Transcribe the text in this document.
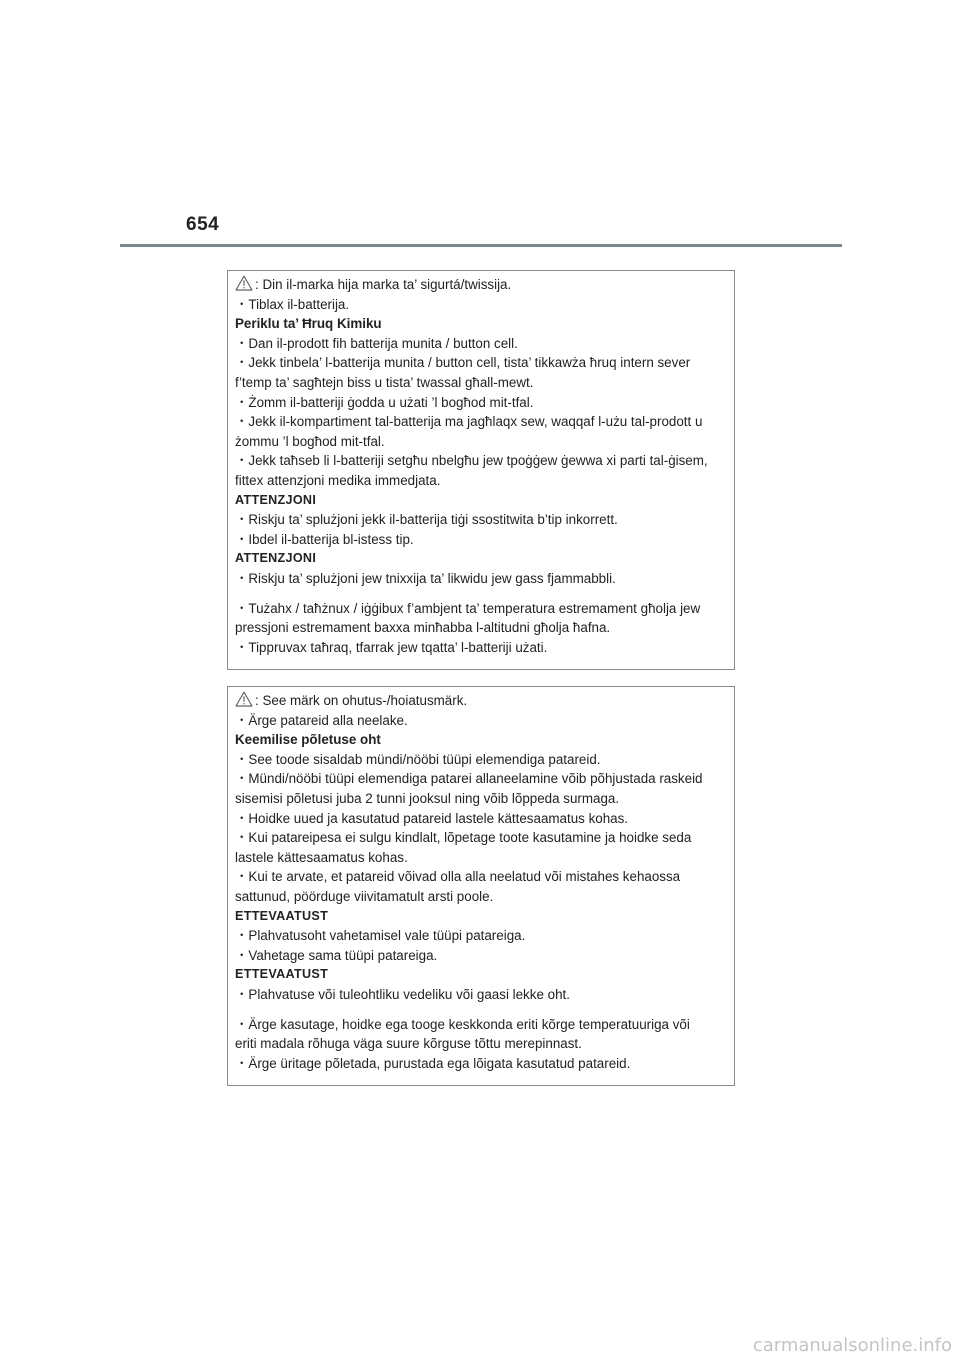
654
: Din il-marka hija marka ta’ sigurtá/twissija.
・Tiblax il-batterija.
Periklu ta’ Ħruq Kimiku
・Dan il-prodott fih batterija munita / button cell.
・Jekk tinbela’ l-batterija munita / button cell, tista’ tikkawża ħruq intern sever
f’temp ta’ sagħtejn biss u tista’ twassal għall-mewt.
・Żomm il-batteriji ġodda u użati ’l bogħod mit-tfal.
・Jekk il-kompartiment tal-batterija ma jagħlaqx sew, waqqaf l-użu tal-prodott u
żommu ’l bogħod mit-tfal.
・Jekk taħseb li l-batteriji setgħu nbelgħu jew tpoġġew ġewwa xi parti tal-ġisem,
fittex attenzjoni medika immedjata.
ATTENZJONI
・Riskju ta’ splużjoni jekk il-batterija tiġi ssostitwita b’tip inkorrett.
・Ibdel il-batterija bl-istess tip.
ATTENZJONI
・Riskju ta’ splużjoni jew tnixxija ta’ likwidu jew gass fjammabbli.
・Tużahx / taħżnux / iġġibux f’ambjent ta’ temperatura estremament għolja jew
pressjoni estremament baxxa minħabba l-altitudni għolja ħafna.
・Tippruvax taħraq, tfarrak jew tqatta’ l-batteriji użati.
: See märk on ohutus-/hoiatusmärk.
・Ärge patareid alla neelake.
Keemilise põletuse oht
・See toode sisaldab mündi/nööbi tüüpi elemendiga patareid.
・Mündi/nööbi tüüpi elemendiga patarei allaneelamine võib põhjustada raskeid
sisemisi põletusi juba 2 tunni jooksul ning võib lõppeda surmaga.
・Hoidke uued ja kasutatud patareid lastele kättesaamatus kohas.
・Kui patareipesa ei sulgu kindlalt, lõpetage toote kasutamine ja hoidke seda
lastele kättesaamatus kohas.
・Kui te arvate, et patareid võivad olla alla neelatud või mistahes kehaossa
sattunud, pöörduge viivitamatult arsti poole.
ETTEVAATUST
・Plahvatusoht vahetamisel vale tüüpi patareiga.
・Vahetage sama tüüpi patareiga.
ETTEVAATUST
・Plahvatuse või tuleohtliku vedeliku või gaasi lekke oht.
・Ärge kasutage, hoidke ega tooge keskkonda eriti kõrge temperatuuriga või
eriti madala rõhuga väga suure kõrguse tõttu merepinnast.
・Ärge üritage põletada, purustada ega lõigata kasutatud patareid.
carmanualsonline.info
